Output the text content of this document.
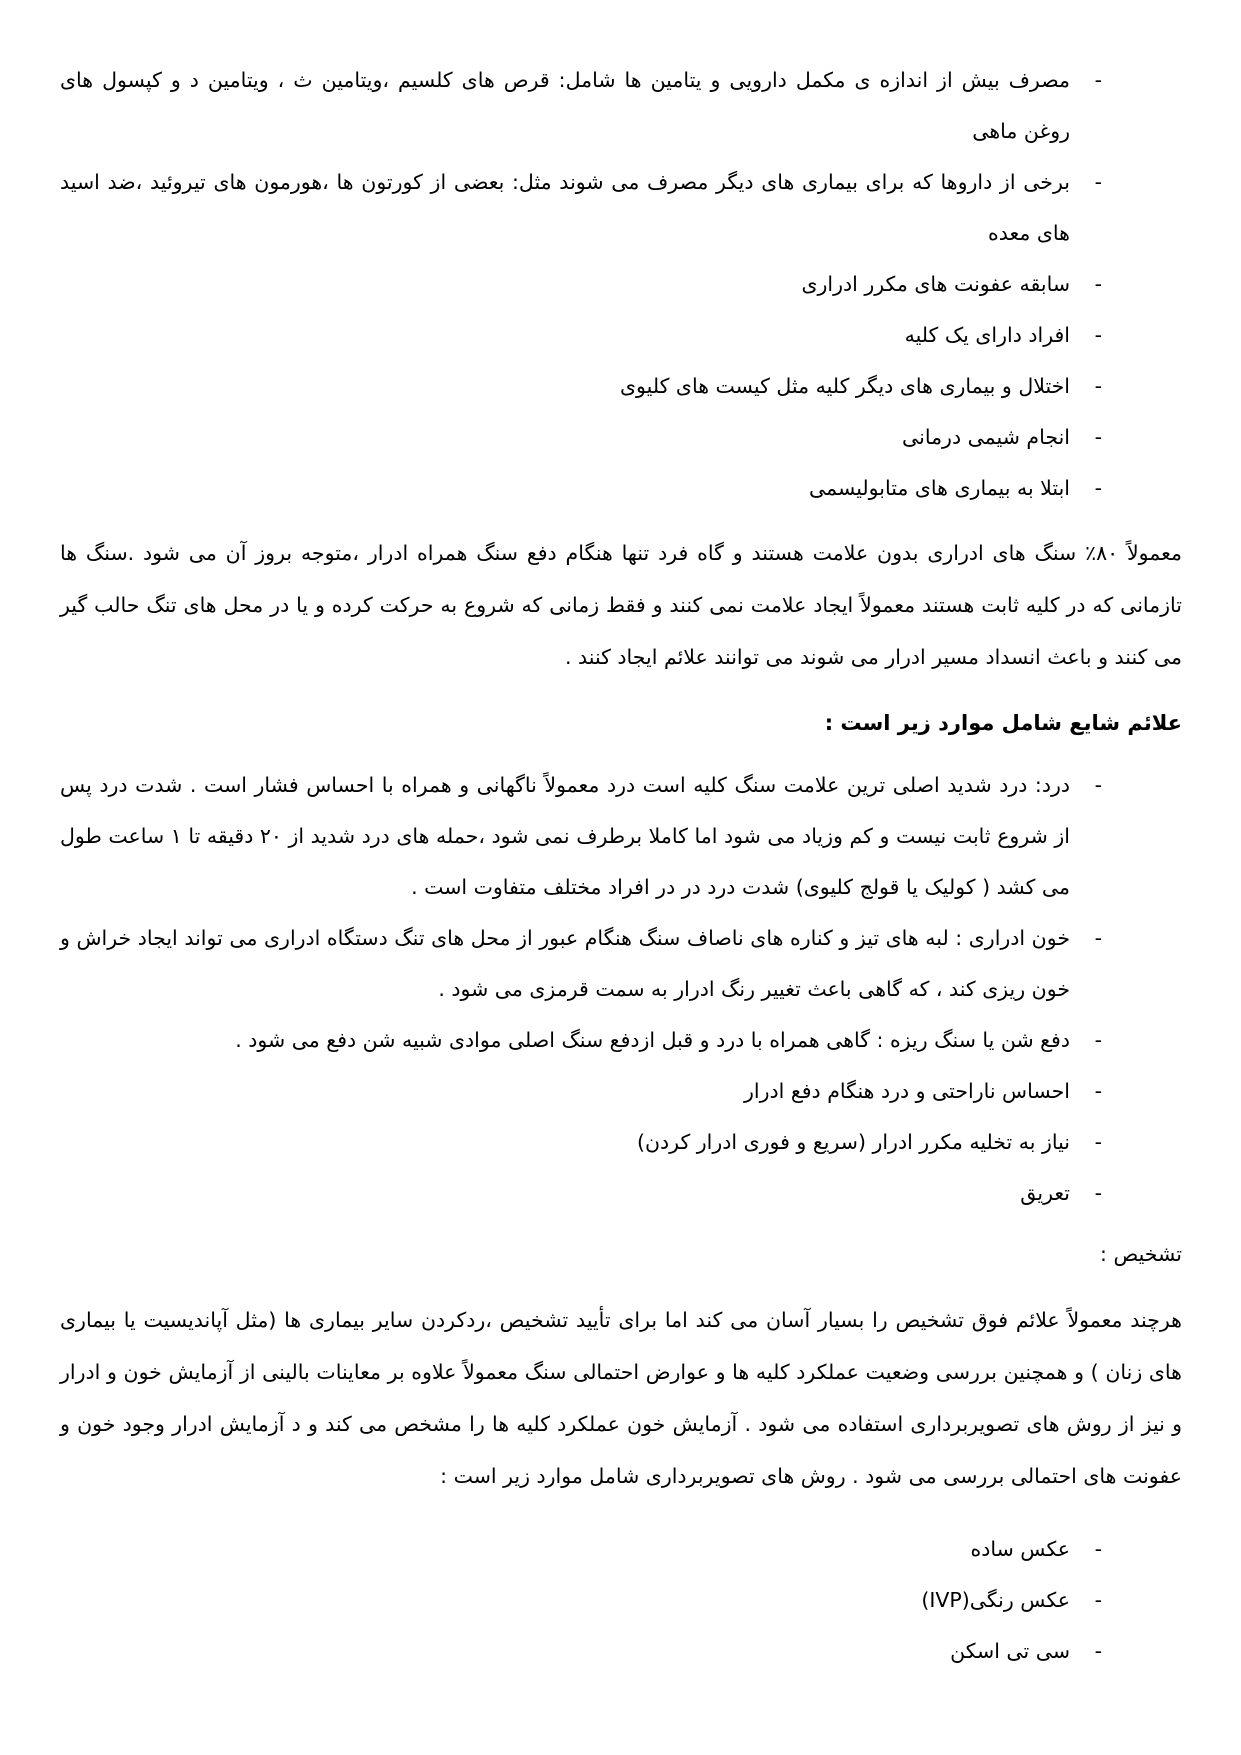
-
مصرف بیش از اندازه ی مکمل دارویی و یتامین ها شامل: قرص های کلسیم ،ویتامین ث ، ویتامین د و کپسول های روغن ماهی
-
برخی از داروها که برای بیماری های دیگر مصرف می شوند مثل: بعضی از کورتون ها ،هورمون های تیروئید ،ضد اسید های معده
-
سابقه عفونت های مکرر ادراری
-
افراد دارای یک کلیه
-
اختلال و بیماری های دیگر کلیه مثل کیست های کلیوی
-
انجام شیمی درمانی
-
ابتلا به بیماری های متابولیسمی

معمولاً ۸۰٪ سنگ های ادراری بدون علامت هستند و گاه فرد تنها هنگام دفع سنگ همراه ادرار ،متوجه بروز آن می شود .سنگ ها تازمانی که در کلیه ثابت هستند معمولاً ایجاد علامت نمی کنند و فقط زمانی که شروع به حرکت کرده و یا در محل های تنگ حالب گیر می کنند و باعث انسداد مسیر ادرار می شوند می توانند علائم ایجاد کنند .

علائم شایع شامل موارد زیر است :
-
درد: درد شدید اصلی ترین علامت سنگ کلیه است درد معمولاً ناگهانی و همراه با احساس فشار است . شدت درد پس از شروع ثابت نیست و کم وزیاد می شود اما کاملا برطرف نمی شود ،حمله های درد شدید از ۲۰ دقیقه تا ۱ ساعت طول می کشد ( کولیک یا قولج کلیوی) شدت درد در در افراد مختلف متفاوت است .
-
خون ادراری : لبه های تیز و کناره های ناصاف سنگ هنگام عبور از محل های تنگ دستگاه ادراری می تواند ایجاد خراش و خون ریزی کند ، که گاهی باعث تغییر رنگ ادرار به سمت قرمزی می شود .
-
دفع شن یا سنگ ریزه : گاهی همراه با درد و قبل ازدفع سنگ اصلی موادی شبیه شن دفع می شود .
-
احساس ناراحتی و درد هنگام دفع ادرار
-
نیاز به تخلیه مکرر ادرار (سریع و فوری ادرار کردن)
-
تعریق

تشخیص :

هرچند معمولاً علائم فوق تشخیص را بسیار آسان می کند اما برای تأیید تشخیص ،ردکردن سایر بیماری ها (مثل آپاندیسیت یا بیماری های زنان ) و همچنین بررسی وضعیت عملکرد کلیه ها و عوارض احتمالی سنگ معمولاً علاوه بر معاینات بالینی از آزمایش خون و ادرار و نیز از روش های تصویربرداری استفاده می شود . آزمایش خون عملکرد کلیه ها را مشخص می کند و د آزمایش ادرار وجود خون و عفونت های احتمالی بررسی می شود . روش های تصویربرداری شامل موارد زیر است :

-
عکس ساده
-
عکس رنگی(IVP)
-
سی تی اسکن
